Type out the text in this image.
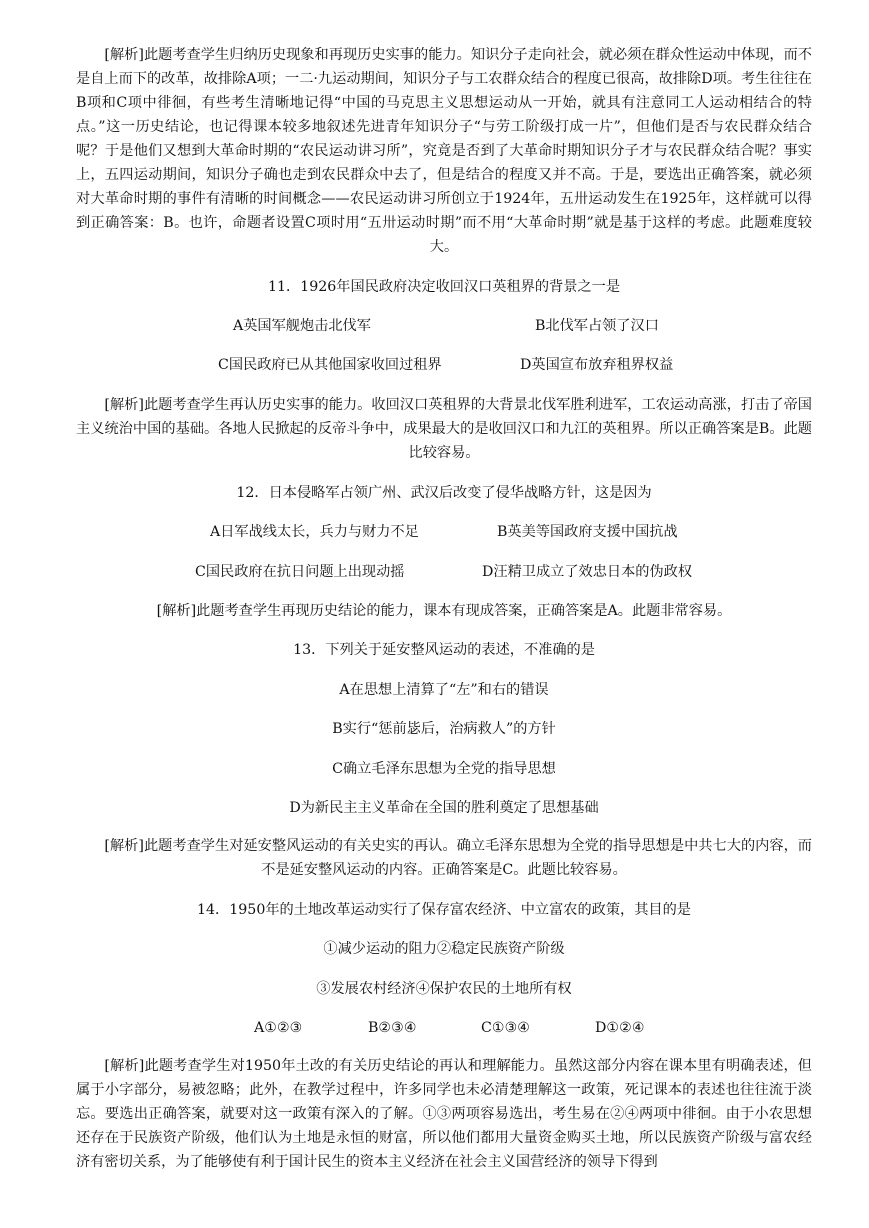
[解析]此题考查学生归纳历史现象和再现历史实事的能力。知识分子走向社会，就必须在群众性运动中体现，而不是自上而下的改革，故排除A项；一二·九运动期间，知识分子与工农群众结合的程度已很高，故排除D项。考生往往在B项和C项中徘徊，有些考生清晰地记得“中国的马克思主义思想运动从一开始，就具有注意同工人运动相结合的特点。”这一历史结论，也记得课本较多地叙述先进青年知识分子“与劳工阶级打成一片”，但他们是否与农民群众结合呢？于是他们又想到大革命时期的“农民运动讲习所”，究竟是否到了大革命时期知识分子才与农民群众结合呢？事实上，五四运动期间，知识分子确也走到农民群众中去了，但是结合的程度又并不高。于是，要选出正确答案，就必须对大革命时期的事件有清晰的时间概念——农民运动讲习所创立于1924年，五卅运动发生在1925年，这样就可以得到正确答案：B。也许，命题者设置C项时用“五卅运动时期”而不用“大革命时期”就是基于这样的考虑。此题难度较大。

11．1926年国民政府决定收回汉口英租界的背景之一是
A英国军舰炮击北伐军	B北伐军占领了汉口
C国民政府已从其他国家收回过租界	D英国宣布放弃租界权益

[解析]此题考查学生再认历史实事的能力。收回汉口英租界的大背景北伐军胜利进军，工农运动高涨，打击了帝国主义统治中国的基础。各地人民掀起的反帝斗争中，成果最大的是收回汉口和九江的英租界。所以正确答案是B。此题比较容易。

12．日本侵略军占领广州、武汉后改变了侵华战略方针，这是因为
A日军战线太长，兵力与财力不足	B英美等国政府支援中国抗战
C国民政府在抗日问题上出现动摇	D汪精卫成立了效忠日本的伪政权
[解析]此题考查学生再现历史结论的能力，课本有现成答案，正确答案是A。此题非常容易。
13．下列关于延安整风运动的表述，不准确的是
A在思想上清算了“左”和右的错误
B实行“惩前毖后，治病救人”的方针
C确立毛泽东思想为全党的指导思想
D为新民主主义革命在全国的胜利奠定了思想基础

[解析]此题考查学生对延安整风运动的有关史实的再认。确立毛泽东思想为全党的指导思想是中共七大的内容，而不是延安整风运动的内容。正确答案是C。此题比较容易。

14．1950年的土地改革运动实行了保存富农经济、中立富农的政策，其目的是
①减少运动的阻力②稳定民族资产阶级
③发展农村经济④保护农民的土地所有权
A①②③	B②③④	C①③④	D①②④

[解析]此题考查学生对1950年土改的有关历史结论的再认和理解能力。虽然这部分内容在课本里有明确表述，但属于小字部分，易被忽略；此外，在教学过程中，许多同学也未必清楚理解这一政策，死记课本的表述也往往流于淡忘。要选出正确答案，就要对这一政策有深入的了解。①③两项容易选出，考生易在②④两项中徘徊。由于小农思想还存在于民族资产阶级，他们认为土地是永恒的财富，所以他们都用大量资金购买土地，所以民族资产阶级与富农经济有密切关系，为了能够使有利于国计民生的资本主义经济在社会主义国营经济的领导下得到
